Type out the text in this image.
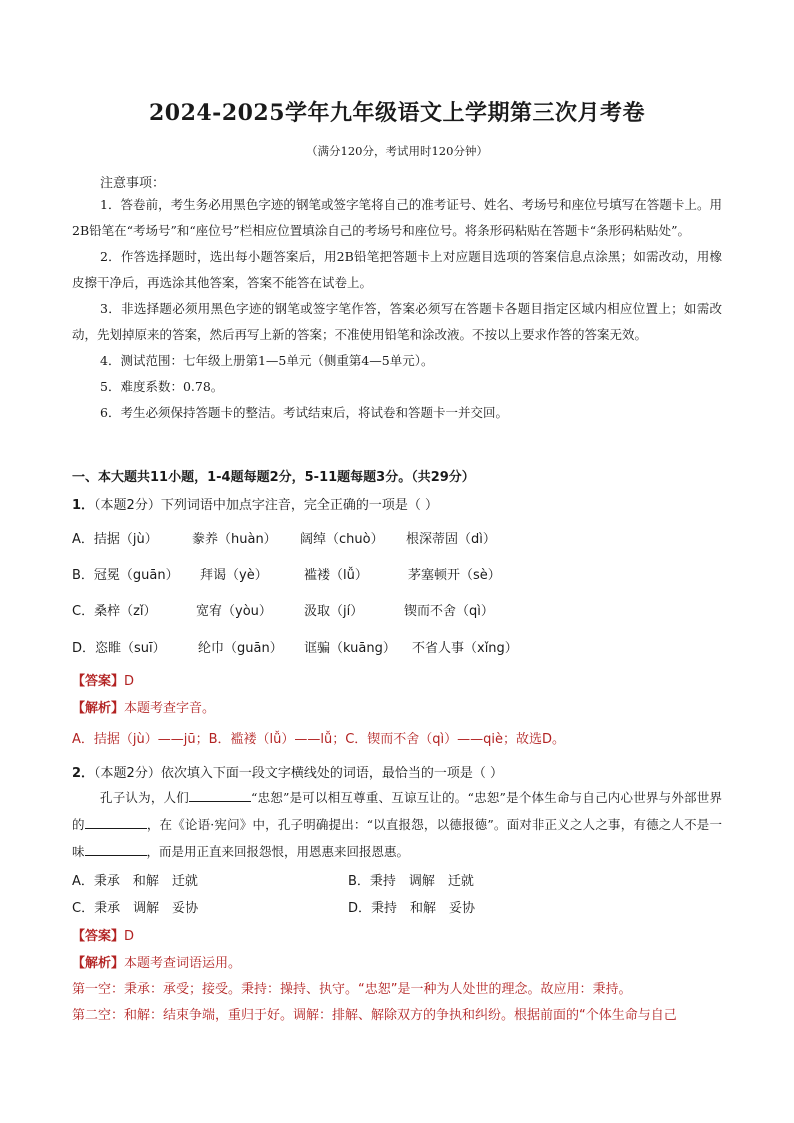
2024-2025学年九年级语文上学期第三次月考卷
（满分120分，考试用时120分钟）
注意事项：

1．答卷前，考生务必用黑色字迹的钢笔或签字笔将自己的准考证号、姓名、考场号和座位号填写在答题卡上。用2B铅笔在“考场号”和“座位号”栏相应位置填涂自己的考场号和座位号。将条形码粘贴在答题卡“条形码粘贴处”。

2．作答选择题时，选出每小题答案后，用2B铅笔把答题卡上对应题目选项的答案信息点涂黑；如需改动，用橡皮擦干净后，再选涂其他答案，答案不能答在试卷上。

3．非选择题必须用黑色字迹的钢笔或签字笔作答，答案必须写在答题卡各题目指定区域内相应位置上；如需改动，先划掉原来的答案，然后再写上新的答案；不准使用铅笔和涂改液。不按以上要求作答的答案无效。

4．测试范围：七年级上册第1—5单元（侧重第4—5单元）。

5．难度系数：0.78。

6．考生必须保持答题卡的整洁。考试结束后，将试卷和答题卡一并交回。

一、本大题共11小题，1-4题每题2分，5-11题每题3分。（共29分）
1．（本题2分）下列词语中加点字注音，完全正确的一项是（ ）
A．拮据（jù）	豢养（huàn）	阔绰（chuò）	根深蒂固（dì）
B．冠冕（guān）	拜谒（yè）	褴褛（lǚ）	茅塞顿开（sè）
C．桑梓（zǐ）	宽宥（yòu）	汲取（jí）	锲而不舍（qì）
D．恣睢（suī）	纶巾（guān）	诓骗（kuāng）	不省人事（xǐng）
【答案】D
【解析】本题考查字音。
A．拮据（jù）——jū；B．褴褛（lǚ）——lǚ；C．锲而不舍（qì）——qiè；故选D。
2．（本题2分）依次填入下面一段文字横线处的词语，最恰当的一项是（ ）

孔子认为，人们	“忠恕”是可以相互尊重、互谅互让的。“忠恕”是个体生命与自己内心世界与外部世界的	，在《论语·宪问》中，孔子明确提出：“以直报怨，以德报德”。面对非正义之人之事，有德之人不是一味	，而是用正直来回报怨恨，用恩惠来回报恩惠。

A．秉承　和解　迁就	B．秉持　调解　迁就
C．秉承　调解　妥协	D．秉持　和解　妥协
【答案】D
【解析】本题考查词语运用。
第一空：秉承：承受；接受。秉持：操持、执守。“忠恕”是一种为人处世的理念。故应用：秉持。
第二空：和解：结束争端，重归于好。调解：排解、解除双方的争执和纠纷。根据前面的“个体生命与自己
